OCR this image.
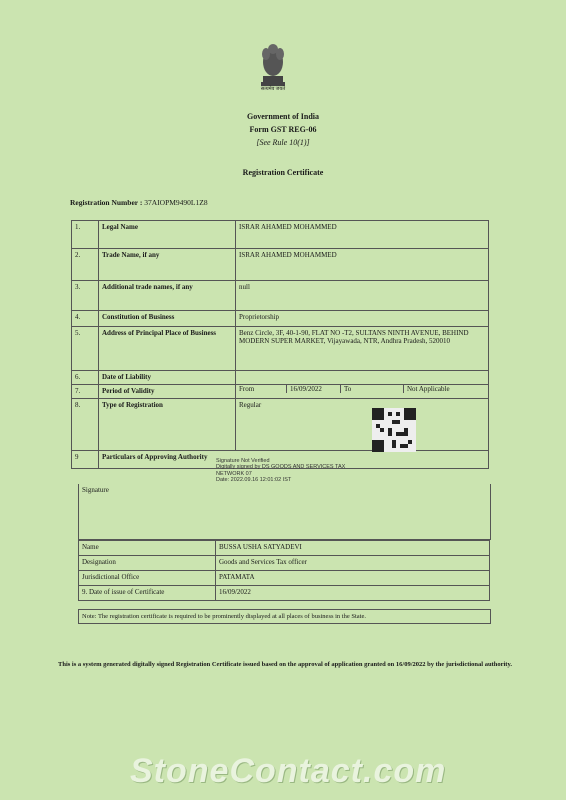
सत्यमेव जयते
Government of India
Form GST REG-06
[See Rule 10(1)]
Registration Certificate
Registration Number : 37AIOPM9490L1Z8
1.	Legal Name	ISRAR AHAMED MOHAMMED
2.	Trade Name, if any	ISRAR AHAMED MOHAMMED
3.	Additional trade names, if any	null
4.	Constitution of Business	Proprietorship
5.	Address of Principal Place of Business	Benz Circle, 3F, 40-1-90, FLAT NO -T2, SULTANS NINTH AVENUE, BEHIND MODERN SUPER MARKET, Vijayawada, NTR, Andhra Pradesh, 520010
6.	Date of Liability	
7.	Period of Validity	From 16/09/2022 To Not Applicable

8.	Type of Registration	Regular
9	Particulars of Approving Authority	Signature Not Verified
Digitally signed by DS GOODS AND SERVICES TAX NETWORK 07
Date: 2022.09.16 12:01:02 IST
Signature
Name	BUSSA USHA SATYADEVI
Designation	Goods and Services Tax officer
Jurisdictional Office	PATAMATA
9. Date of issue of Certificate	16/09/2022
Note: The registration certificate is required to be prominently displayed at all places of business in the State.
This is a system generated digitally signed Registration Certificate issued based on the approval of application granted on 16/09/2022 by the jurisdictional authority.
StoneContact.com
